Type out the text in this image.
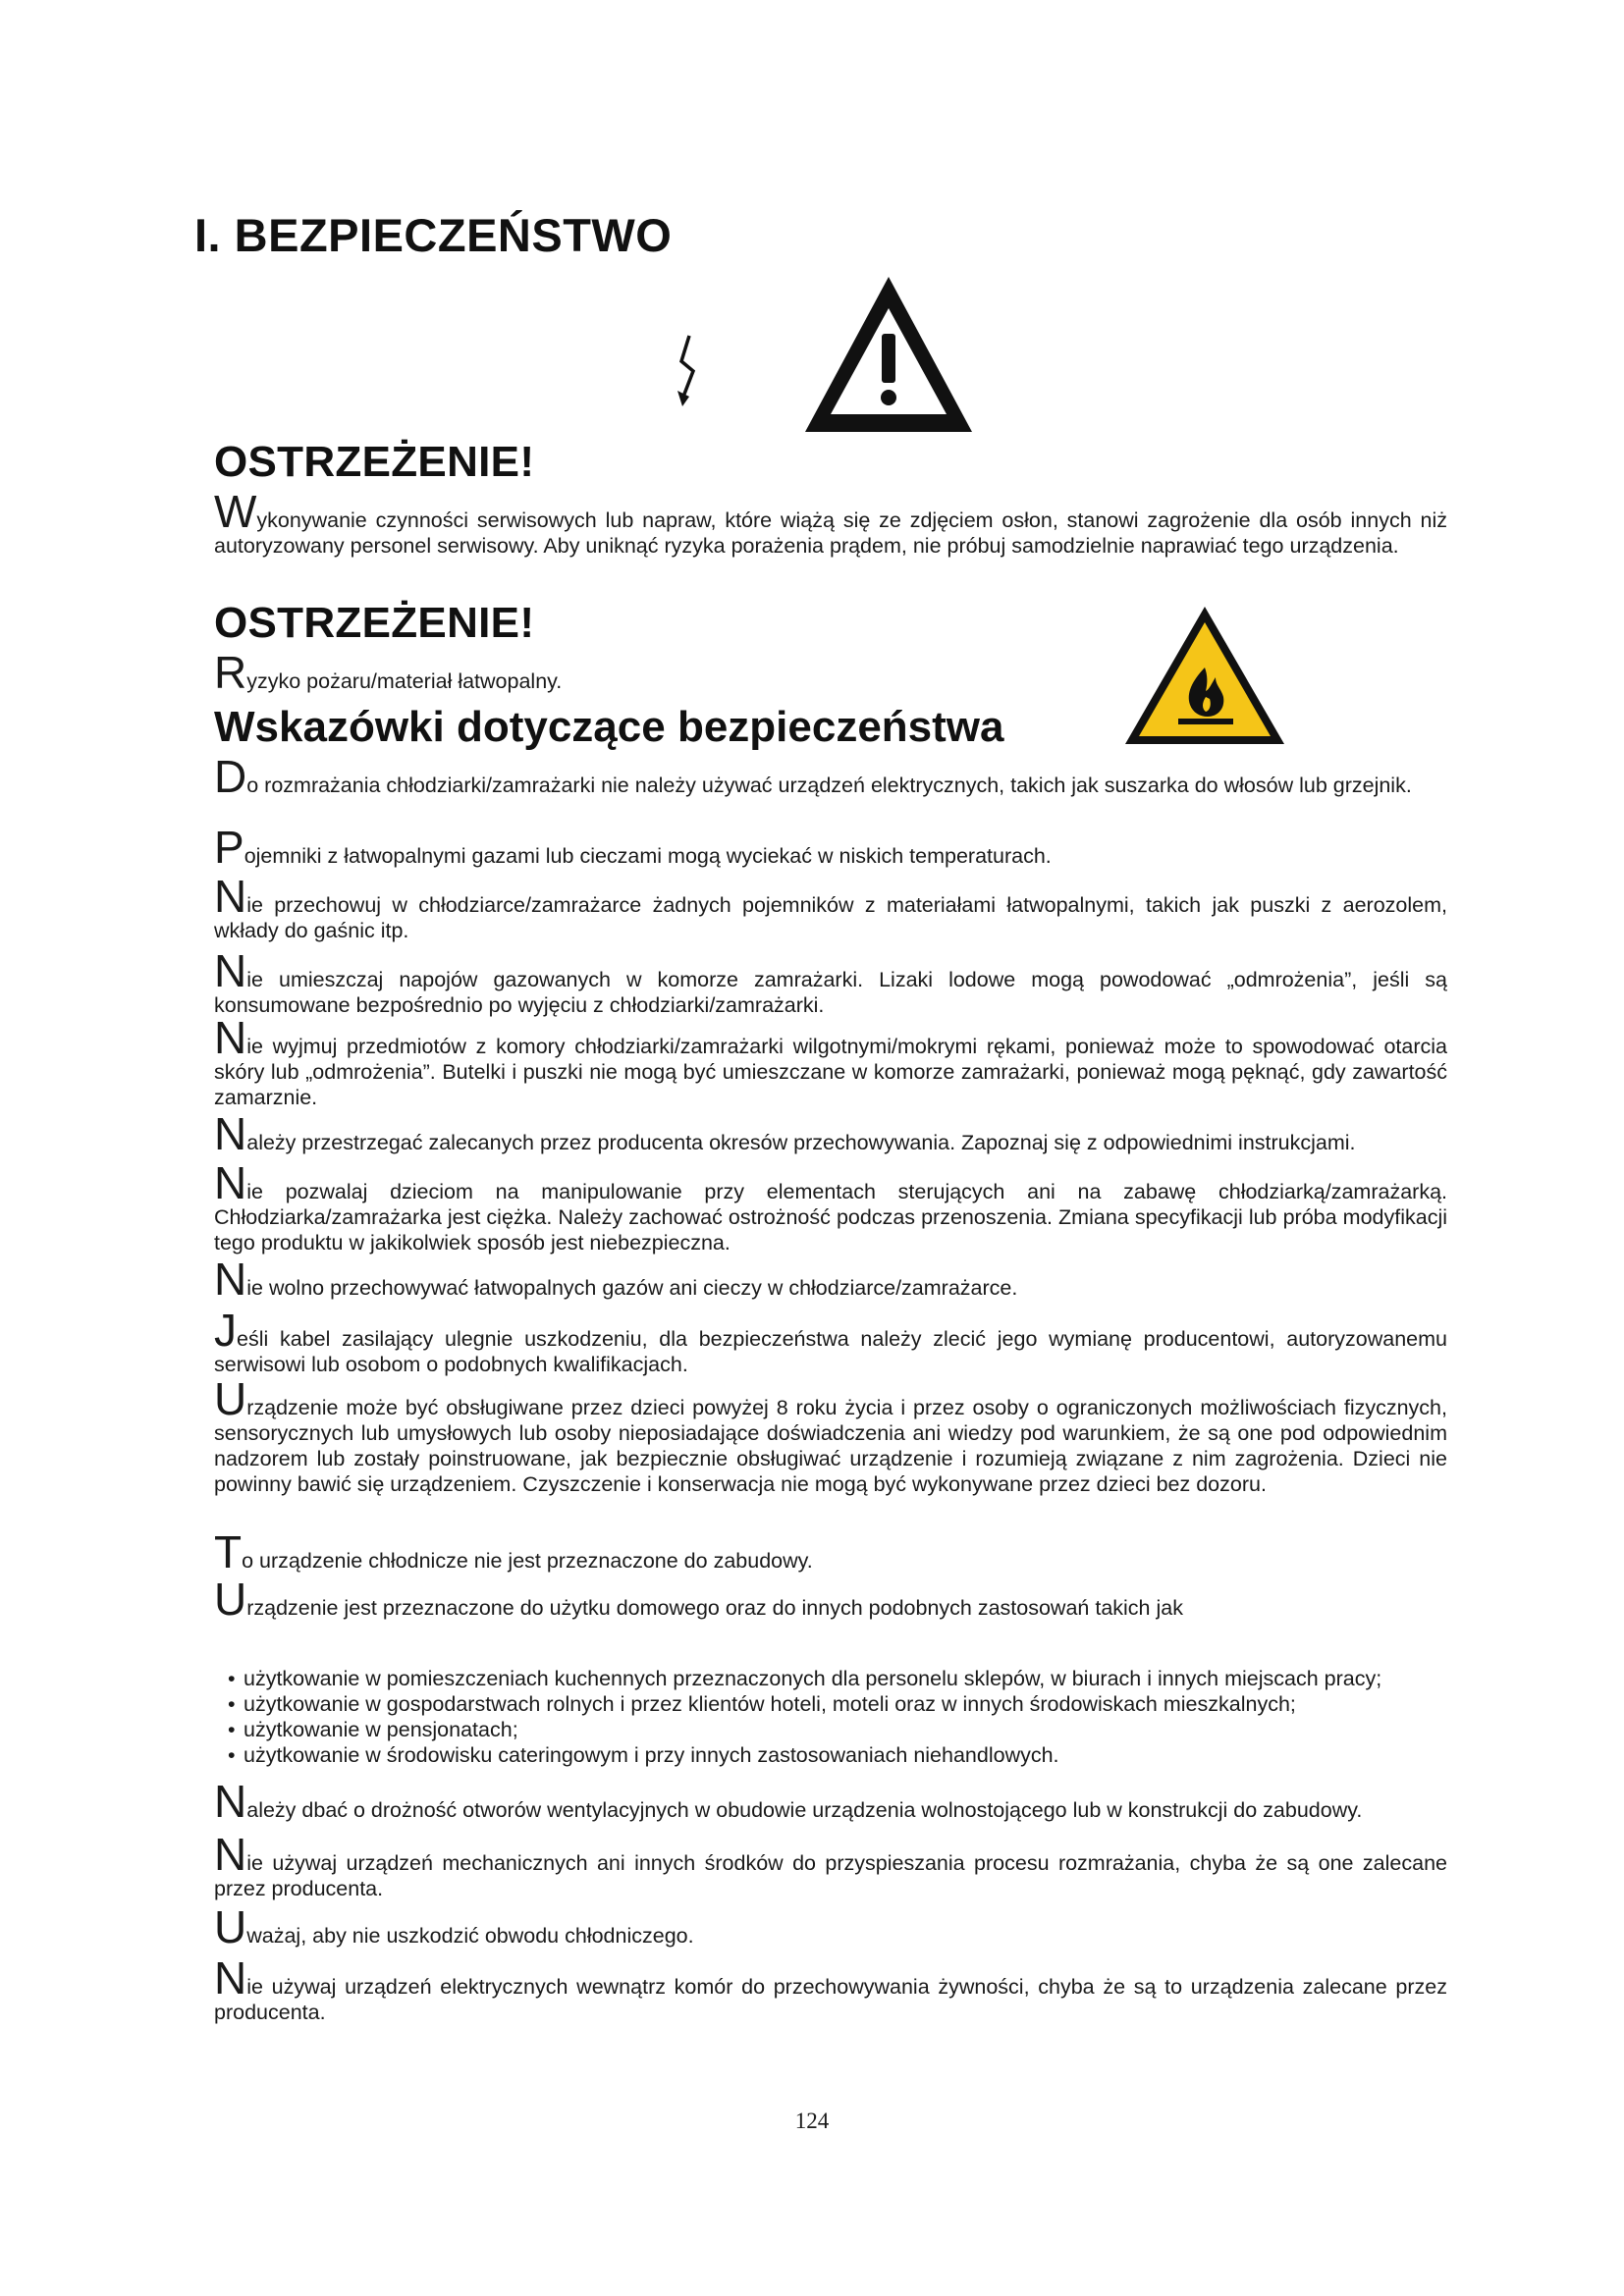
I. BEZPIECZEŃSTWO
OSTRZEŻENIE!

Wykonywanie czynności serwisowych lub napraw, które wiążą się ze zdjęciem osłon, stanowi zagrożenie dla osób innych niż autoryzowany personel serwisowy. Aby uniknąć ryzyka porażenia prądem, nie próbuj samodzielnie naprawiać tego urządzenia.

OSTRZEŻENIE!

Ryzyko pożaru/materiał łatwopalny.

Wskazówki dotyczące bezpieczeństwa

Do rozmrażania chłodziarki/zamrażarki nie należy używać urządzeń elektrycznych, takich jak suszarka do włosów lub grzejnik.

Pojemniki z łatwopalnymi gazami lub cieczami mogą wyciekać w niskich temperaturach.

Nie przechowuj w chłodziarce/zamrażarce żadnych pojemników z materiałami łatwopalnymi, takich jak puszki z aerozolem, wkłady do gaśnic itp.

Nie umieszczaj napojów gazowanych w komorze zamrażarki. Lizaki lodowe mogą powodować „odmrożenia”, jeśli są konsumowane bezpośrednio po wyjęciu z chłodziarki/zamrażarki.

Nie wyjmuj przedmiotów z komory chłodziarki/zamrażarki wilgotnymi/mokrymi rękami, ponieważ może to spowodować otarcia skóry lub „odmrożenia”. Butelki i puszki nie mogą być umieszczane w komorze zamrażarki, ponieważ mogą pęknąć, gdy zawartość zamarznie.

Należy przestrzegać zalecanych przez producenta okresów przechowywania. Zapoznaj się z odpowiednimi instrukcjami.

Nie pozwalaj dzieciom na manipulowanie przy elementach sterujących ani na zabawę chłodziarką/zamrażarką. Chłodziarka/zamrażarka jest ciężka. Należy zachować ostrożność podczas przenoszenia. Zmiana specyfikacji lub próba modyfikacji tego produktu w jakikolwiek sposób jest niebezpieczna.

Nie wolno przechowywać łatwopalnych gazów ani cieczy w chłodziarce/zamrażarce.

Jeśli kabel zasilający ulegnie uszkodzeniu, dla bezpieczeństwa należy zlecić jego wymianę producentowi, autoryzowanemu serwisowi lub osobom o podobnych kwalifikacjach.

Urządzenie może być obsługiwane przez dzieci powyżej 8 roku życia i przez osoby o ograniczonych możliwościach fizycznych, sensorycznych lub umysłowych lub osoby nieposiadające doświadczenia ani wiedzy pod warunkiem, że są one pod odpowiednim nadzorem lub zostały poinstruowane, jak bezpiecznie obsługiwać urządzenie i rozumieją związane z nim zagrożenia. Dzieci nie powinny bawić się urządzeniem. Czyszczenie i konserwacja nie mogą być wykonywane przez dzieci bez dozoru.

To urządzenie chłodnicze nie jest przeznaczone do zabudowy.

Urządzenie jest przeznaczone do użytku domowego oraz do innych podobnych zastosowań takich jak

• użytkowanie w pomieszczeniach kuchennych przeznaczonych dla personelu sklepów, w biurach i innych miejscach pracy;
• użytkowanie w gospodarstwach rolnych i przez klientów hoteli, moteli oraz w innych środowiskach mieszkalnych;
• użytkowanie w pensjonatach;
• użytkowanie w środowisku cateringowym i przy innych zastosowaniach niehandlowych.

Należy dbać o drożność otworów wentylacyjnych w obudowie urządzenia wolnostojącego lub w konstrukcji do zabudowy.

Nie używaj urządzeń mechanicznych ani innych środków do przyspieszania procesu rozmrażania, chyba że są one zalecane przez producenta.

Uważaj, aby nie uszkodzić obwodu chłodniczego.

Nie używaj urządzeń elektrycznych wewnątrz komór do przechowywania żywności, chyba że są to urządzenia zalecane przez producenta.

124
